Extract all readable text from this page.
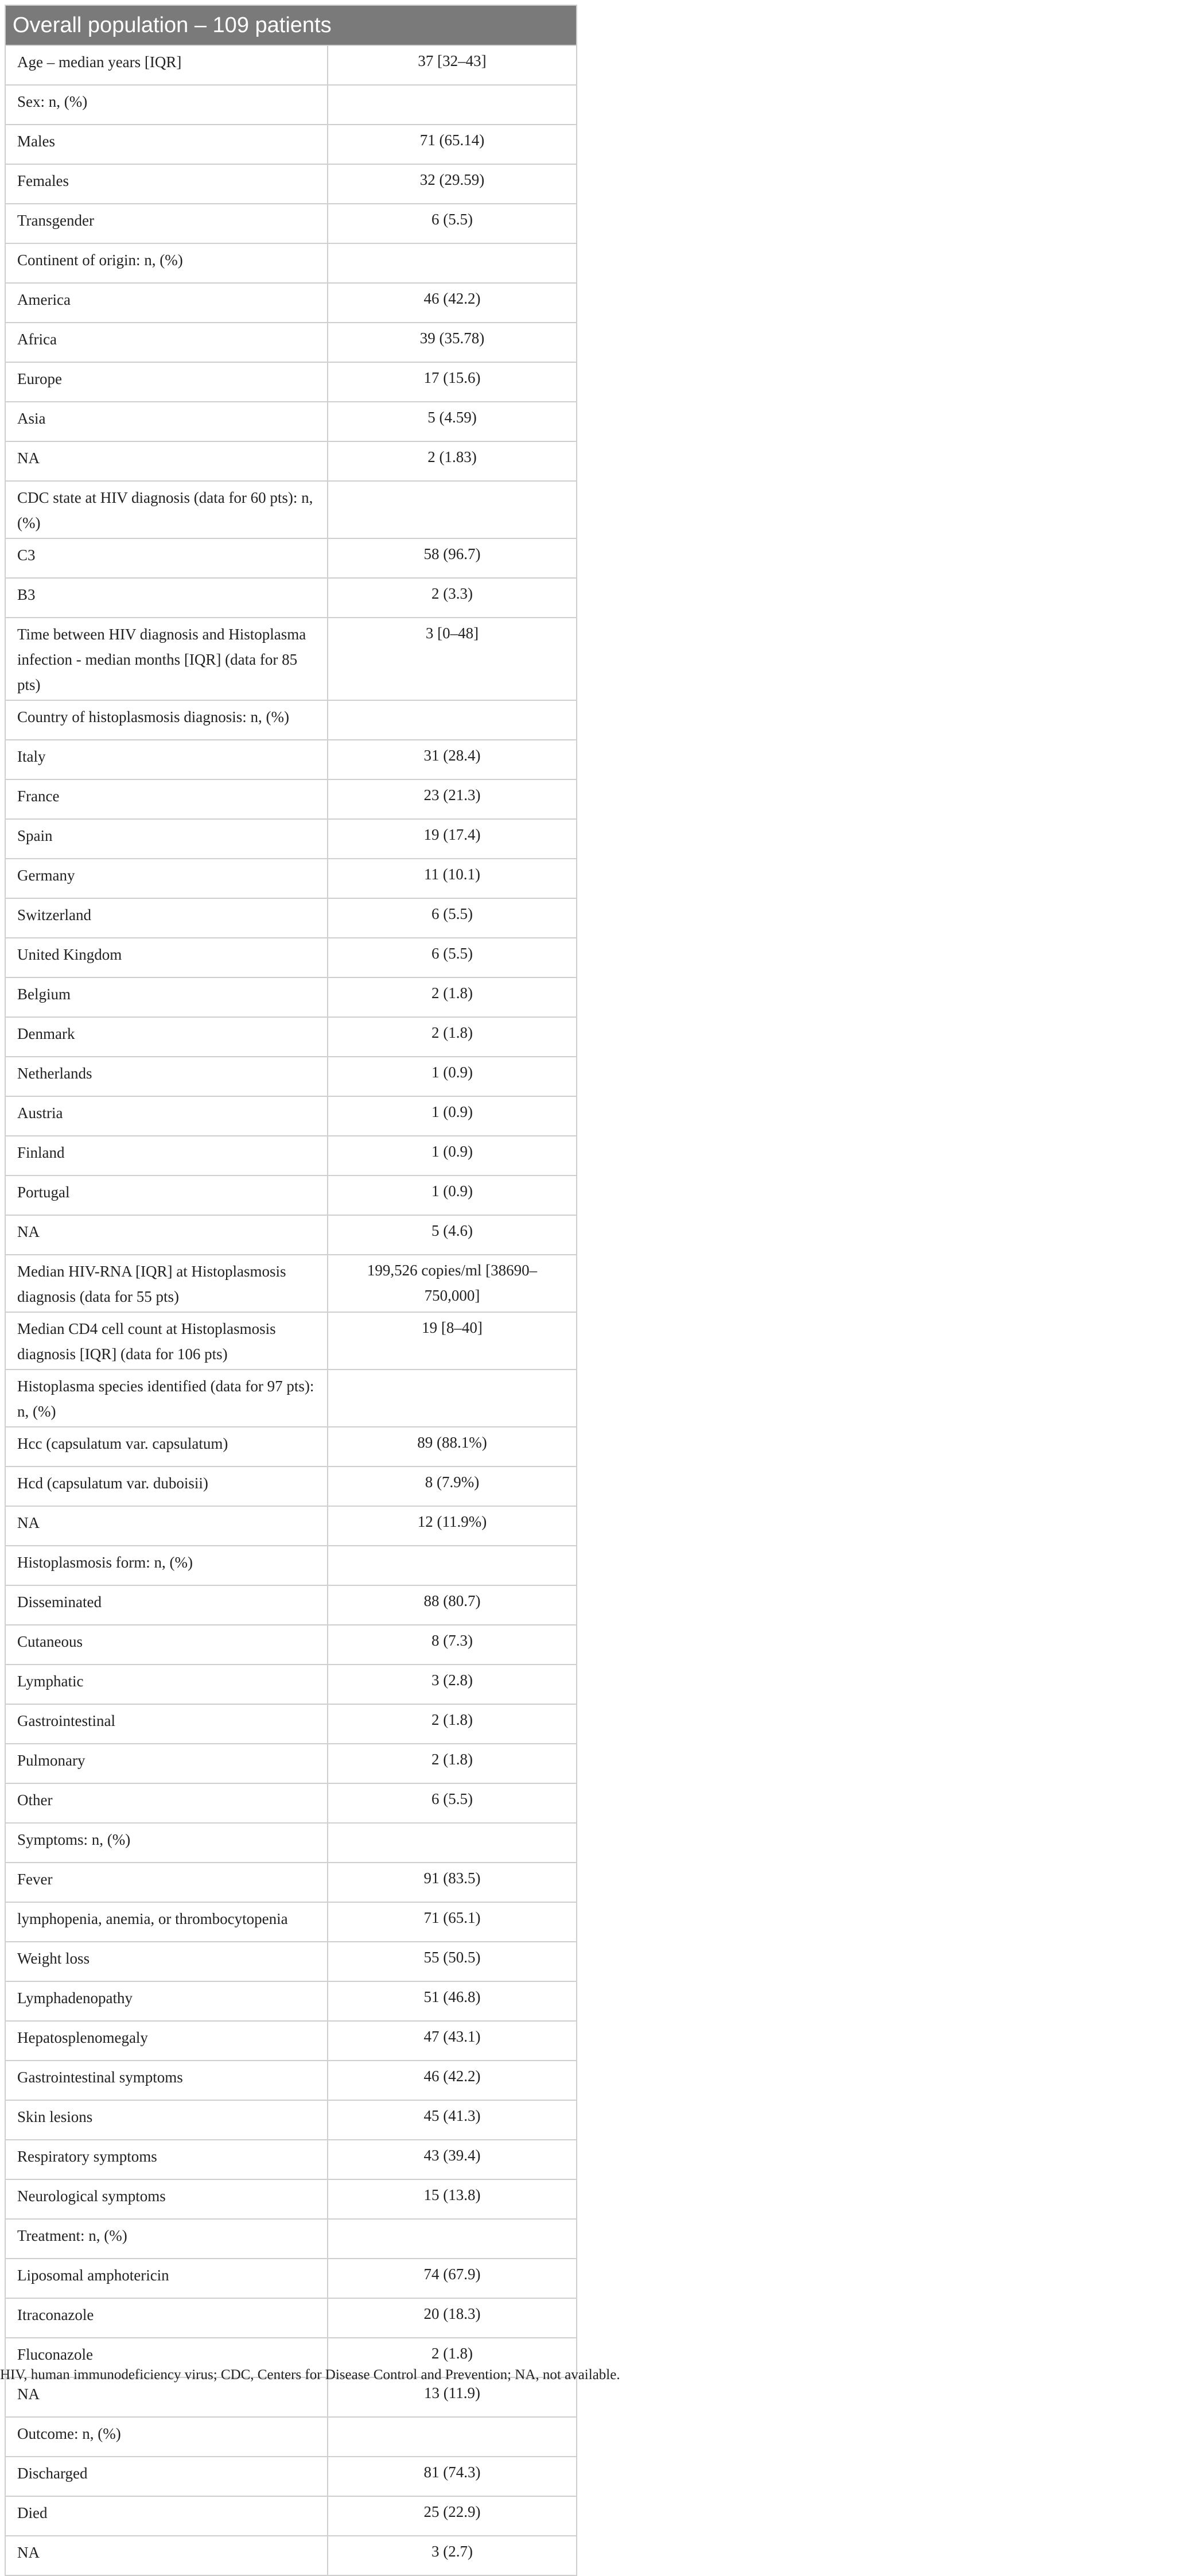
Overall population – 109 patients	
Age – median years [IQR]	37 [32–43]
Sex: n, (%)	
Males	71 (65.14)
Females	32 (29.59)
Transgender	6 (5.5)
Continent of origin: n, (%)	
America	46 (42.2)
Africa	39 (35.78)
Europe	17 (15.6)
Asia	5 (4.59)
NA	2 (1.83)
CDC state at HIV diagnosis (data for 60 pts): n, (%)	
C3	58 (96.7)
B3	2 (3.3)
Time between HIV diagnosis and Histoplasma infection - median months [IQR] (data for 85 pts)	3 [0–48]
Country of histoplasmosis diagnosis: n, (%)	
Italy	31 (28.4)
France	23 (21.3)
Spain	19 (17.4)
Germany	11 (10.1)
Switzerland	6 (5.5)
United Kingdom	6 (5.5)
Belgium	2 (1.8)
Denmark	2 (1.8)
Netherlands	1 (0.9)
Austria	1 (0.9)
Finland	1 (0.9)
Portugal	1 (0.9)
NA	5 (4.6)
Median HIV-RNA [IQR] at Histoplasmosis diagnosis (data for 55 pts)	199,526 copies/ml [38690–750,000]
Median CD4 cell count at Histoplasmosis diagnosis [IQR] (data for 106 pts)	19 [8–40]
Histoplasma species identified (data for 97 pts): n, (%)	
Hcc (capsulatum var. capsulatum)	89 (88.1%)
Hcd (capsulatum var. duboisii)	8 (7.9%)
NA	12 (11.9%)
Histoplasmosis form: n, (%)	
Disseminated	88 (80.7)
Cutaneous	8 (7.3)
Lymphatic	3 (2.8)
Gastrointestinal	2 (1.8)
Pulmonary	2 (1.8)
Other	6 (5.5)
Symptoms: n, (%)	
Fever	91 (83.5)
lymphopenia, anemia, or thrombocytopenia	71 (65.1)
Weight loss	55 (50.5)
Lymphadenopathy	51 (46.8)
Hepatosplenomegaly	47 (43.1)
Gastrointestinal symptoms	46 (42.2)
Skin lesions	45 (41.3)
Respiratory symptoms	43 (39.4)
Neurological symptoms	15 (13.8)
Treatment: n, (%)	
Liposomal amphotericin	74 (67.9)
Itraconazole	20 (18.3)
Fluconazole	2 (1.8)
NA	13 (11.9)
Outcome: n, (%)	
Discharged	81 (74.3)
Died	25 (22.9)
NA	3 (2.7)
HIV, human immunodeficiency virus; CDC, Centers for Disease Control and Prevention; NA, not available.
